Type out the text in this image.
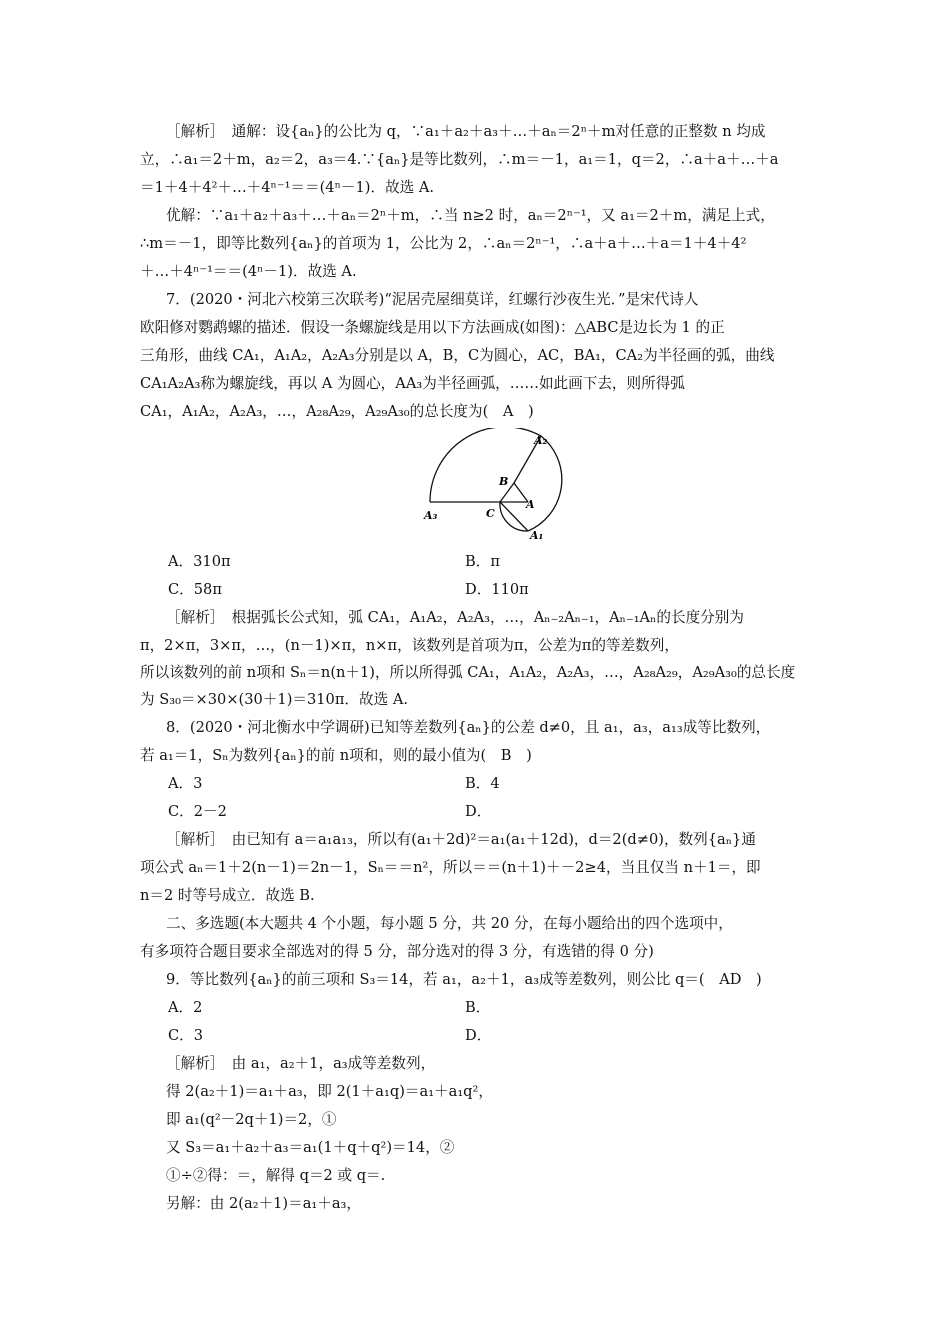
［解析］　通解：设{aₙ}的公比为 q，∵a₁＋a₂＋a₃＋…＋aₙ＝2ⁿ＋m对任意的正整数 n 均成
立，∴a₁＝2＋m，a₂＝2，a₃＝4.∵{aₙ}是等比数列，∴m＝－1，a₁＝1，q＝2，∴a＋a＋…＋a
＝1＋4＋4²＋…＋4ⁿ⁻¹＝＝(4ⁿ－1)．故选 A.
优解：∵a₁＋a₂＋a₃＋…＋aₙ＝2ⁿ＋m，∴当 n≥2 时，aₙ＝2ⁿ⁻¹，又 a₁＝2＋m，满足上式，
∴m＝－1，即等比数列{aₙ}的首项为 1，公比为 2，∴aₙ＝2ⁿ⁻¹，∴a＋a＋…＋a＝1＋4＋4²
＋…＋4ⁿ⁻¹＝＝(4ⁿ－1)．故选 A.
7．(2020・河北六校第三次联考)“泥居壳屋细莫详，红螺行沙夜生光．”是宋代诗人
欧阳修对鹦鹉螺的描述．假设一条螺旋线是用以下方法画成(如图)：△ABC是边长为 1 的正
三角形，曲线 CA₁，A₁A₂，A₂A₃分别是以 A，B，C为圆心，AC，BA₁，CA₂为半径画的弧，曲线
CA₁A₂A₃称为螺旋线，再以 A 为圆心，AA₃为半径画弧，……如此画下去，则所得弧
CA₁，A₁A₂，A₂A₃，…，A₂₈A₂₉，A₂₉A₃₀的总长度为(　A　)
A₂
B
A
A₃	C
A₁
A．310π	B．π
C．58π	D．110π
［解析］　根据弧长公式知，弧 CA₁，A₁A₂，A₂A₃，…，Aₙ₋₂Aₙ₋₁，Aₙ₋₁Aₙ的长度分别为
π，2×π，3×π，…，(n－1)×π，n×π，该数列是首项为π，公差为π的等差数列，
所以该数列的前 n项和 Sₙ＝n(n＋1)，所以所得弧 CA₁，A₁A₂，A₂A₃，…，A₂₈A₂₉，A₂₉A₃₀的总长度
为 S₃₀＝×30×(30＋1)＝310π．故选 A.
8．(2020・河北衡水中学调研)已知等差数列{aₙ}的公差 d≠0，且 a₁，a₃，a₁₃成等比数列，
若 a₁＝1，Sₙ为数列{aₙ}的前 n项和，则的最小值为(　B　)
A．3	B．4
C．2－2	D．
［解析］　由已知有 a＝a₁a₁₃，所以有(a₁＋2d)²＝a₁(a₁＋12d)，d＝2(d≠0)，数列{aₙ}通
项公式 aₙ＝1＋2(n－1)＝2n－1，Sₙ＝＝n²，所以＝＝(n＋1)＋－2≥4，当且仅当 n＋1＝，即
n＝2 时等号成立．故选 B.
二、多选题(本大题共 4 个小题，每小题 5 分，共 20 分，在每小题给出的四个选项中，
有多项符合题目要求全部选对的得 5 分，部分选对的得 3 分，有选错的得 0 分)
9．等比数列{aₙ}的前三项和 S₃＝14，若 a₁，a₂＋1，a₃成等差数列，则公比 q＝(　AD　)
A．2	B．
C．3	D．
［解析］　由 a₁，a₂＋1，a₃成等差数列，
得 2(a₂＋1)＝a₁＋a₃，即 2(1＋a₁q)＝a₁＋a₁q²，
即 a₁(q²－2q＋1)＝2，①
又 S₃＝a₁＋a₂＋a₃＝a₁(1＋q＋q²)＝14，②
①÷②得：＝，解得 q＝2 或 q＝.
另解：由 2(a₂＋1)＝a₁＋a₃，
